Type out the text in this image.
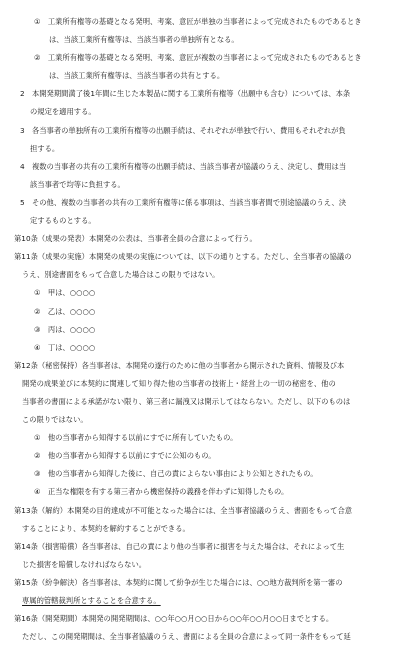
①　工業所有権等の基礎となる発明、考案、意匠が単独の当事者によって完成されたものであるとき
は、当該工業所有権等は、当該当事者の単独所有となる。
②　工業所有権等の基礎となる発明、考案、意匠が複数の当事者によって完成されたものであるとき
は、当該工業所有権等は、当該当事者の共有とする。
2　本開発期間満了後1年間に生じた本製品に関する工業所有権等（出願中も含む）については、本条
の規定を適用する。
3　各当事者の単独所有の工業所有権等の出願手続は、それぞれが単独で行い、費用もそれぞれが負
担する。
4　複数の当事者の共有の工業所有権等の出願手続は、当該当事者が協議のうえ、決定し、費用は当
該当事者で均等に負担する。
5　その他、複数の当事者の共有の工業所有権等に係る事項は、当該当事者間で別途協議のうえ、決
定するものとする。
第10条（成果の発表）本開発の公表は、当事者全員の合意によって行う。
第11条（成果の実施）本開発の成果の実施については、以下の通りとする。ただし、全当事者の協議の
うえ、別途書面をもって合意した場合はこの限りではない。
①　甲は、○○○○
②　乙は、○○○○
③　丙は、○○○○
④　丁は、○○○○
第12条（秘密保持）各当事者は、本開発の遂行のために他の当事者から開示された資料、情報及び本
開発の成果並びに本契約に関連して知り得た他の当事者の技術上・経営上の一切の秘密を、他の
当事者の書面による承諾がない限り、第三者に漏洩又は開示してはならない。ただし、以下のものは
この限りではない。
①　他の当事者から知得する以前にすでに所有していたもの。
②　他の当事者から知得する以前にすでに公知のもの。
③　他の当事者から知得した後に、自己の責によらない事由により公知とされたもの。
④　正当な権限を有する第三者から機密保持の義務を伴わずに知得したもの。
第13条（解約）本開発の目的達成が不可能となった場合には、全当事者協議のうえ、書面をもって合意
することにより、本契約を解約することができる。
第14条（損害賠償）各当事者は、自己の責により他の当事者に損害を与えた場合は、それによって生
じた損害を賠償しなければならない。
第15条（紛争解決）各当事者は、本契約に関して紛争が生じた場合には、○○地方裁判所を第一審の
専属的管轄裁判所とすることを合意する。
第16条（開発期間）本開発の開発期間は、○○年○○月○○日から○○年○○月○○日までとする。
ただし、この開発期間は、全当事者協議のうえ、書面による全員の合意によって同一条件をもって延
